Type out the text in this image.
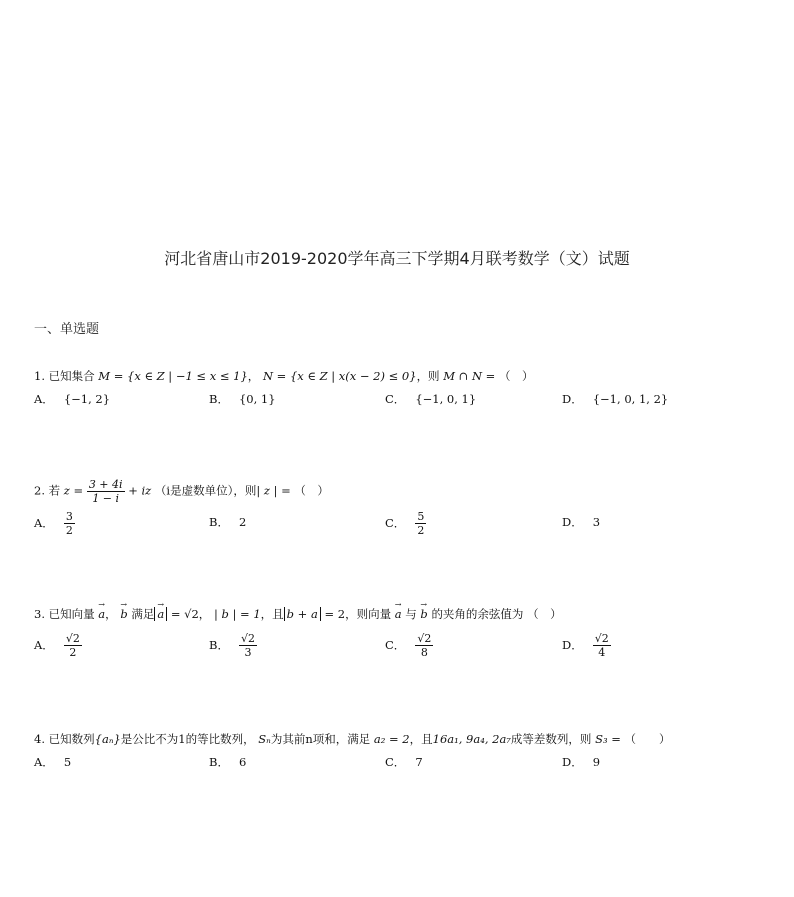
河北省唐山市2019-2020学年高三下学期4月联考数学（文）试题
一、单选题
1. 已知集合 M = {x ∈ Z | −1 ≤ x ≤ 1}， N = {x ∈ Z | x(x − 2) ≤ 0}，则 M ∩ N = （　）
A． {−1, 2}	B． {0, 1}	C． {−1, 0, 1}	D． {−1, 0, 1, 2}
2. 若 $z = \frac{3 + 4i}{1 - i}$ + iz （i是虚数单位），则| z | = （　）
A． $\frac{3}{2}$	B． 2	C． $\frac{5}{2}$	D． 3
3. 已知向量 → a， → b 满足 → a = √2， | b | = 1，且 b + a = 2，则向量 → a 与 → b 的夹角的余弦值为 （　）
A． $\frac{√2}{2}$	B． $\frac{√2}{3}$	C． $\frac{√2}{8}$	D． $\frac{√2}{4}$
4. 已知数列{aₙ}是公比不为1的等比数列， Sₙ为其前n项和，满足 a₂ = 2，且16a₁, 9a₄, 2a₇成等差数列，则 S₃ = （　　）
A． 5	B． 6	C． 7	D． 9
